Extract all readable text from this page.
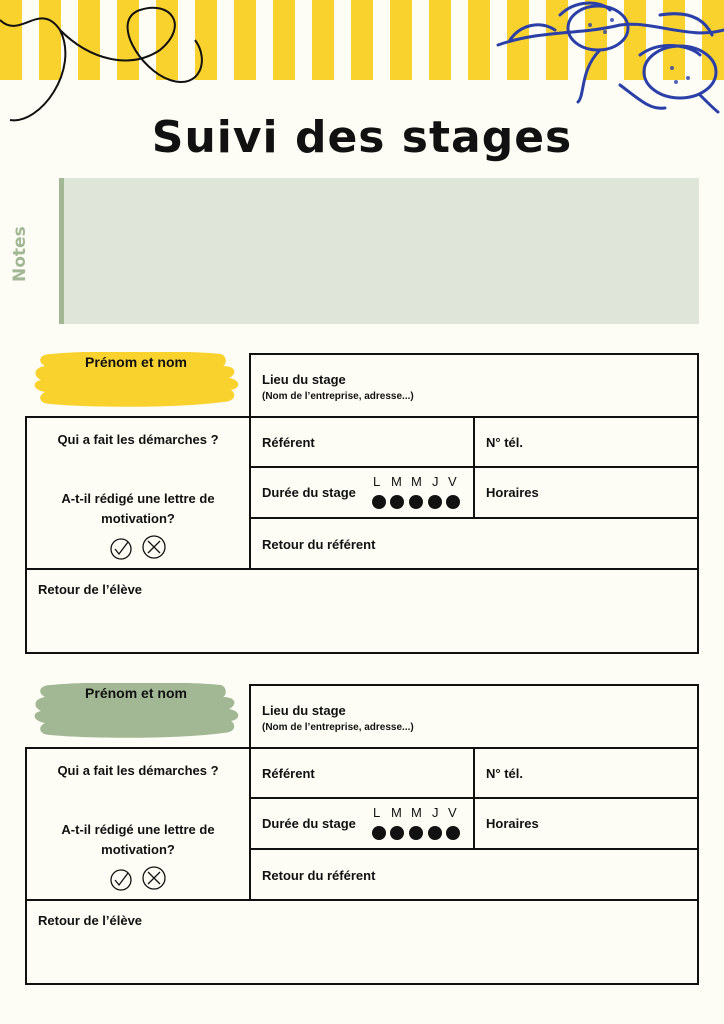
Suivi des stages
Notes
Prénom et nom
Lieu du stage
(Nom de l’entreprise, adresse...)
Qui a fait les démarches ?
A-t-il rédigé une lettre de
motivation?
Référent	N° tél.
Durée du stage
L M M J V
Horaires
Retour du référent
Retour de l’élève
Prénom et nom
Lieu du stage
(Nom de l’entreprise, adresse...)
Qui a fait les démarches ?
A-t-il rédigé une lettre de
motivation?
Référent	N° tél.
Durée du stage
L M M J V
Horaires
Retour du référent
Retour de l’élève
